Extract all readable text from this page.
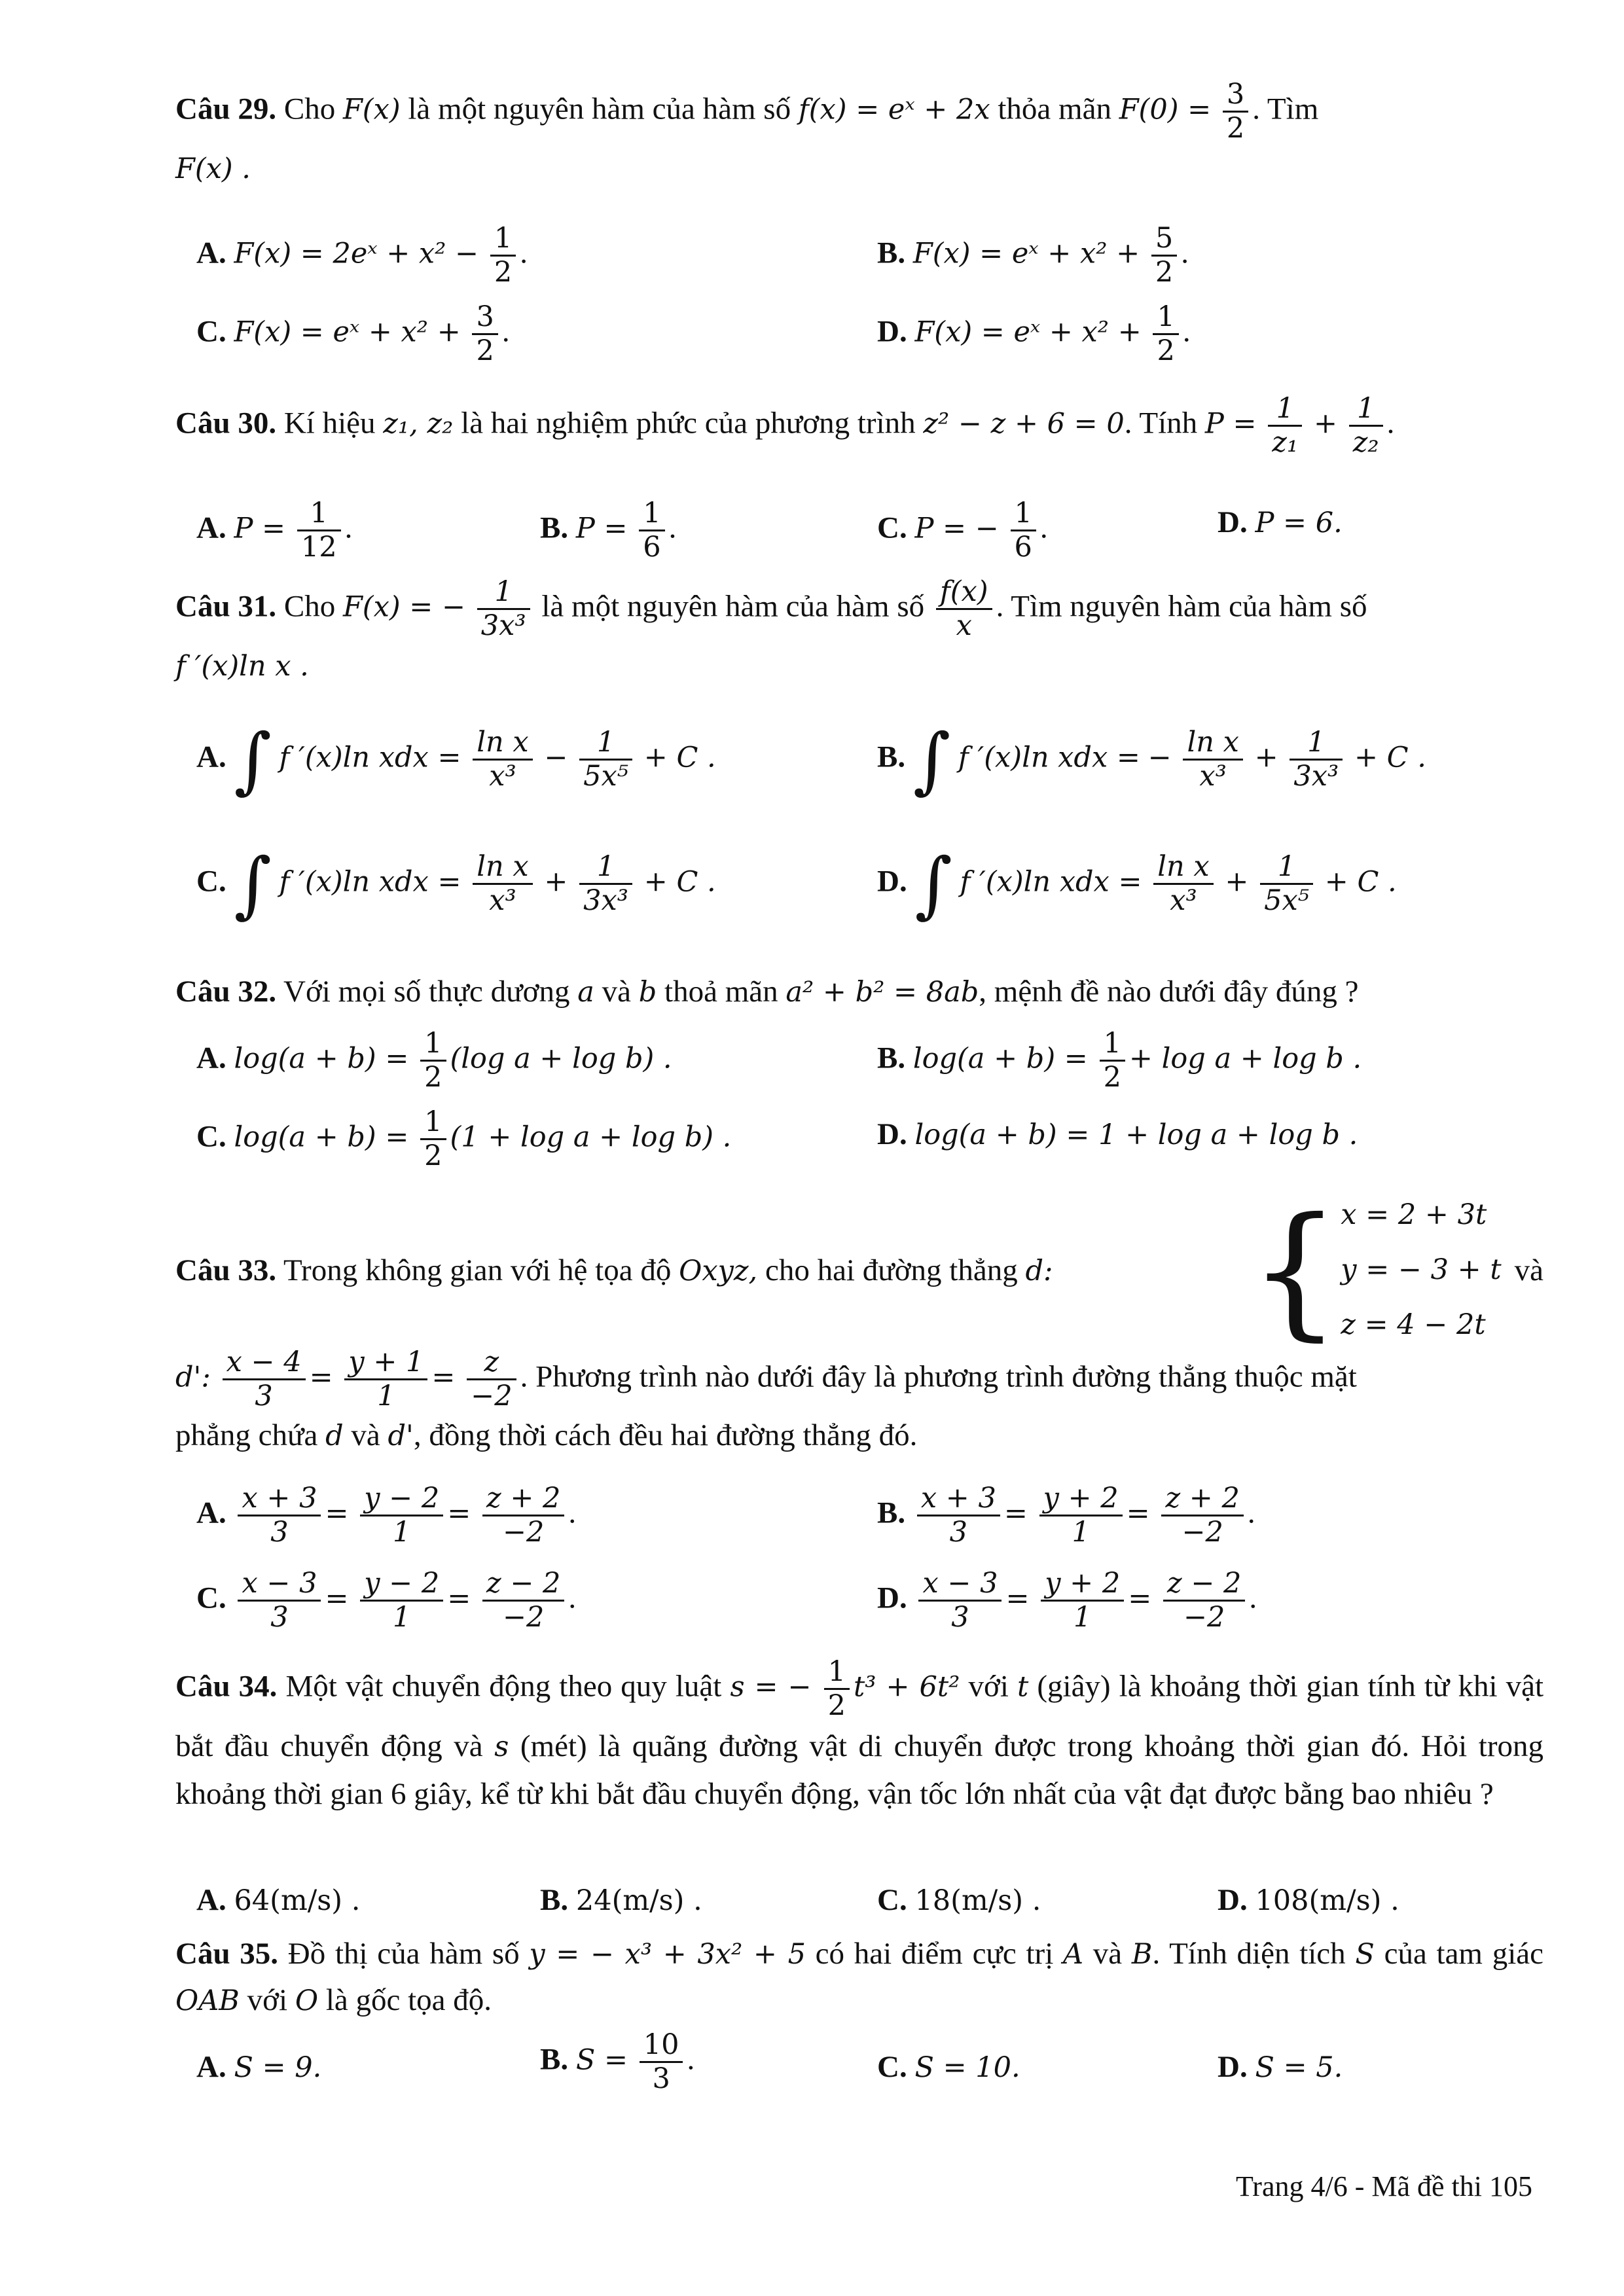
Câu 29. Cho F(x) là một nguyên hàm của hàm số f(x) = eˣ + 2x thỏa mãn $F(0) = \frac{3}{2}$ . Tìm
F(x) .
A. F(x) = 2eˣ + $x^2 - \frac{1}{2}$ .	B. F(x) = eˣ + $x^2 + \frac{5}{2}$ .
C. F(x) = eˣ + $x^2 + \frac{3}{2}$ .	D. F(x) = eˣ + $x^2 + \frac{1}{2}$ .
Câu 30. Kí hiệu z₁, z₂ là hai nghiệm phức của phương trình z² − z + 6 = 0. Tính $P = \frac{1}{\text{z₁}} + \frac{1}{\text{z₂}}$ .
A. $P = \frac{1}{12}$ .	B. $P = \frac{1}{6}$ .	C. P = − $\frac{1}{6}$ .	D. P = 6.
Câu 31. Cho F(x) = − $\frac{1}{\text{3x³}}$ là một nguyên hàm của hàm số $\frac{f(x)}{x}$ . Tìm nguyên hàm của hàm số
f ′(x)ln x .
A. ∫ f ′(x)ln xdx = $\frac{\text{ln x}}{\text{x³}} - \frac{1}{\text{5x⁵}} + C$ .	B. ∫ f ′(x)ln xdx = − $\frac{\text{ln x}}{\text{x³}} + \frac{1}{\text{3x³}} + C$ .
C. ∫ f ′(x)ln xdx = $\frac{\text{ln x}}{\text{x³}} + \frac{1}{\text{3x³}} + C$ .	D. ∫ f ′(x)ln xdx = $\frac{\text{ln x}}{\text{x³}} + \frac{1}{\text{5x⁵}} + C$ .
Câu 32. Với mọi số thực dương a và b thoả mãn a² + b² = 8ab, mệnh đề nào dưới đây đúng ?
A. $\log(a + b) = \frac{1}{2} (\log$ a + log b) .	B. $\log(a + b) = \frac{1}{2} + \log a + \log b$ .
C. $\log(a + b) = \frac{1}{2} (1 + \log a + \log b)$ .	D. log(a + b) = 1 + log a + log b .
Câu 33. Trong không gian với hệ tọa độ Oxyz, cho hai đường thẳng d: { x = 2 + 3t
y = − 3 + t
z = 4 − 2t
và
d': $\frac{x - 4}{3} = \frac{y + 1}{1} = \frac{z}{-2}$ . Phương trình nào dưới đây là phương trình đường thẳng thuộc mặt
phẳng chứa d và d', đồng thời cách đều hai đường thẳng đó.
A. $\frac{x + 3}{3} = \frac{y - 2}{1} = \frac{z + 2}{-2}$ .	B. $\frac{x + 3}{3} = \frac{y + 2}{1} = \frac{z + 2}{-2}$ .
C. $\frac{x - 3}{3} = \frac{y - 2}{1} = \frac{z - 2}{-2}$ .	D. $\frac{x - 3}{3} = \frac{y + 2}{1} = \frac{z - 2}{-2}$ .
Câu 34. Một vật chuyển động theo quy luật s = − $\frac{1}{2} t^3 + 6t^2$ với t (giây) là khoảng thời gian tính từ khi vật bắt đầu chuyển động và s (mét) là quãng đường vật di chuyển được trong khoảng thời gian đó. Hỏi trong khoảng thời gian 6 giây, kể từ khi bắt đầu chuyển động, vận tốc lớn nhất của vật đạt được bằng bao nhiêu ?
A. 64(m/s) .	B. 24(m/s) .	C. 18(m/s) .	D. 108(m/s) .
Câu 35. Đồ thị của hàm số y = − x³ + 3x² + 5 có hai điểm cực trị A và B. Tính diện tích S của tam giác OAB với O là gốc tọa độ.
A. S = 9.	B. $S = \frac{10}{3}$ .	C. S = 10.	D. S = 5.
Trang 4/6 - Mã đề thi 105
